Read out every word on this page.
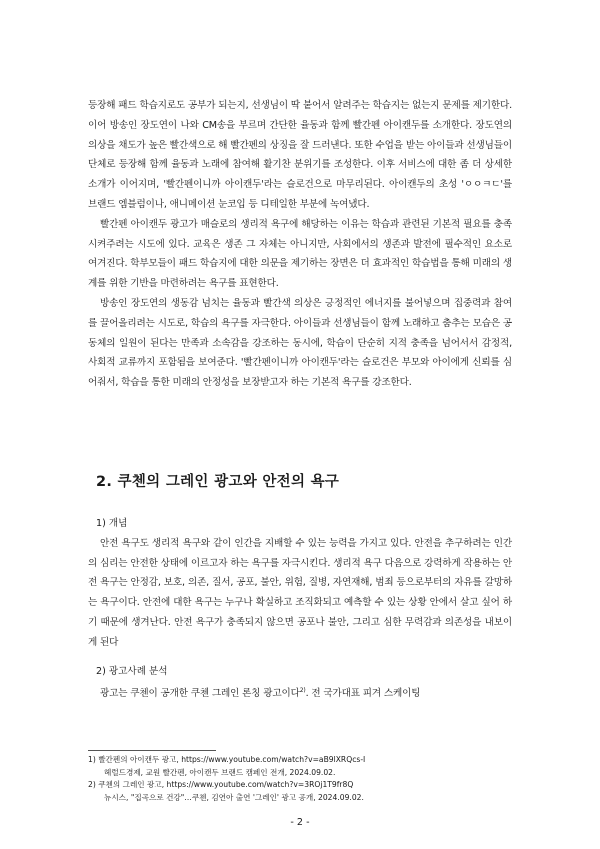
등장해 패드 학습지로도 공부가 되는지, 선생님이 딱 붙어서 알려주는 학습지는 없는지 문제를 제기한다. 이어 방송인 장도연이 나와 CM송을 부르며 간단한 율동과 함께 빨간펜 아이캔두를 소개한다. 장도연의 의상을 채도가 높은 빨간색으로 해 빨간펜의 상징을 잘 드러낸다. 또한 수업을 받는 아이들과 선생님들이 단체로 등장해 함께 율동과 노래에 참여해 활기찬 분위기를 조성한다. 이후 서비스에 대한 좀 더 상세한 소개가 이어지며, '빨간펜이니까 아이캔두'라는 슬로건으로 마무리된다. 아이캔두의 초성 'ㅇㅇㅋㄷ'를 브랜드 엠블럼이나, 애니메이션 눈코입 등 디테일한 부분에 녹여냈다.

빨간펜 아이캔두 광고가 매슬로의 생리적 욕구에 해당하는 이유는 학습과 관련된 기본적 필요를 충족시켜주려는 시도에 있다. 교육은 생존 그 자체는 아니지만, 사회에서의 생존과 발전에 필수적인 요소로 여겨진다. 학부모들이 패드 학습지에 대한 의문을 제기하는 장면은 더 효과적인 학습법을 통해 미래의 생계를 위한 기반을 마련하려는 욕구를 표현한다.

방송인 장도연의 생동감 넘치는 율동과 빨간색 의상은 긍정적인 에너지를 불어넣으며 집중력과 참여를 끌어올리려는 시도로, 학습의 욕구를 자극한다. 아이들과 선생님들이 함께 노래하고 춤추는 모습은 공동체의 일원이 된다는 만족과 소속감을 강조하는 동시에, 학습이 단순히 지적 충족을 넘어서서 감정적, 사회적 교류까지 포함됨을 보여준다. '빨간펜이니까 아이캔두'라는 슬로건은 부모와 아이에게 신뢰를 심어줘서, 학습을 통한 미래의 안정성을 보장받고자 하는 기본적 욕구를 강조한다.

2. 쿠첸의 그레인 광고와 안전의 욕구

1) 개념

안전 욕구도 생리적 욕구와 같이 인간을 지배할 수 있는 능력을 가지고 있다. 안전을 추구하려는 인간의 심리는 안전한 상태에 이르고자 하는 욕구를 자극시킨다. 생리적 욕구 다음으로 강력하게 작용하는 안전 욕구는 안정감, 보호, 의존, 질서, 공포, 불안, 위험, 질병, 자연재해, 범죄 등으로부터의 자유를 갈망하는 욕구이다. 안전에 대한 욕구는 누구나 확실하고 조직화되고 예측할 수 있는 상황 안에서 살고 싶어 하기 때문에 생겨난다. 안전 욕구가 충족되지 않으면 공포나 불안, 그리고 심한 무력감과 의존성을 내보이게 된다

2) 광고사례 분석

광고는 쿠첸이 공개한 쿠첸 그레인 론칭 광고이다$^{2)}$. 전 국가대표 피겨 스케이팅

1) 빨간펜의 아이캔두 광고, https://www.youtube.com/watch?v=aB9lXRQcs-I
헤럴드경제, 교원 빨간펜, 아이캔두 브랜드 캠페인 전개, 2024.09.02.

2) 쿠첸의 그레인 광고, https://www.youtube.com/watch?v=3ROj1T9fr8Q
뉴시스, "집곡으로 건강"…쿠첸, 김연아 출연 '그레인' 광고 공개, 2024.09.02.

- 2 -
